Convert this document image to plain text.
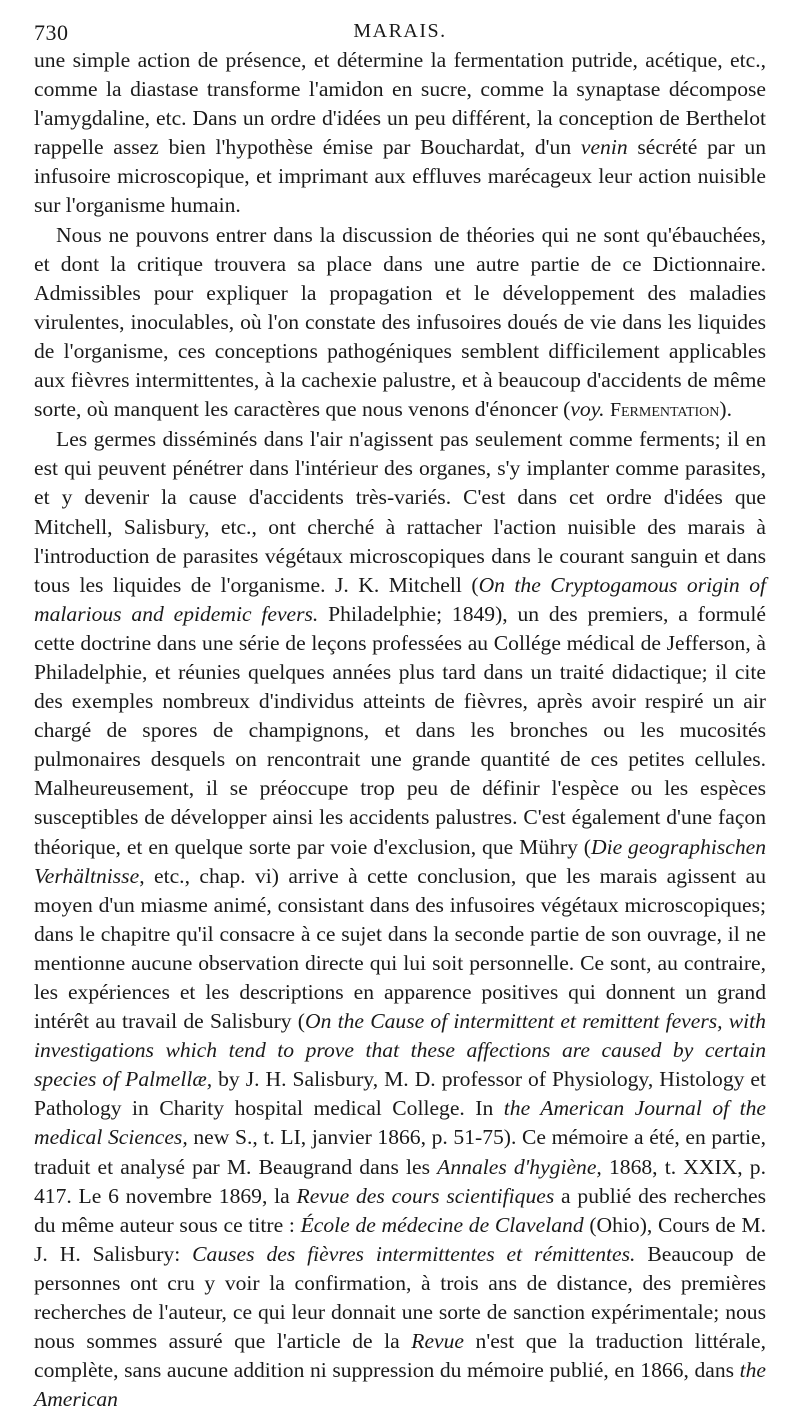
730	MARAIS.

une simple action de présence, et détermine la fermentation putride, acétique, etc., comme la diastase transforme l'amidon en sucre, comme la synaptase décompose l'amygdaline, etc. Dans un ordre d'idées un peu différent, la conception de Berthelot rappelle assez bien l'hypothèse émise par Bouchardat, d'un venin sécrété par un infusoire microscopique, et imprimant aux effluves marécageux leur action nuisible sur l'organisme humain.

Nous ne pouvons entrer dans la discussion de théories qui ne sont qu'ébauchées, et dont la critique trouvera sa place dans une autre partie de ce Dictionnaire. Admissibles pour expliquer la propagation et le développement des maladies virulentes, inoculables, où l'on constate des infusoires doués de vie dans les liquides de l'organisme, ces conceptions pathogéniques semblent difficilement applicables aux fièvres intermittentes, à la cachexie palustre, et à beaucoup d'accidents de même sorte, où manquent les caractères que nous venons d'énoncer (voy. Fermentation).

Les germes disséminés dans l'air n'agissent pas seulement comme ferments; il en est qui peuvent pénétrer dans l'intérieur des organes, s'y implanter comme parasites, et y devenir la cause d'accidents très-variés. C'est dans cet ordre d'idées que Mitchell, Salisbury, etc., ont cherché à rattacher l'action nuisible des marais à l'introduction de parasites végétaux microscopiques dans le courant sanguin et dans tous les liquides de l'organisme. J. K. Mitchell (On the Cryptogamous origin of malarious and epidemic fevers. Philadelphie; 1849), un des premiers, a formulé cette doctrine dans une série de leçons professées au Collége médical de Jefferson, à Philadelphie, et réunies quelques années plus tard dans un traité didactique; il cite des exemples nombreux d'individus atteints de fièvres, après avoir respiré un air chargé de spores de champignons, et dans les bronches ou les mucosités pulmonaires desquels on rencontrait une grande quantité de ces petites cellules. Malheureusement, il se préoccupe trop peu de définir l'espèce ou les espèces susceptibles de développer ainsi les accidents palustres. C'est également d'une façon théorique, et en quelque sorte par voie d'exclusion, que Mühry (Die geographischen Verhältnisse, etc., chap. vi) arrive à cette conclusion, que les marais agissent au moyen d'un miasme animé, consistant dans des infusoires végétaux microscopiques; dans le chapitre qu'il consacre à ce sujet dans la seconde partie de son ouvrage, il ne mentionne aucune observation directe qui lui soit personnelle. Ce sont, au contraire, les expériences et les descriptions en apparence positives qui donnent un grand intérêt au travail de Salisbury (On the Cause of intermittent et remittent fevers, with investigations which tend to prove that these affections are caused by certain species of Palmellæ, by J. H. Salisbury, M. D. professor of Physiology, Histology et Pathology in Charity hospital medical College. In the American Journal of the medical Sciences, new S., t. LI, janvier 1866, p. 51-75). Ce mémoire a été, en partie, traduit et analysé par M. Beaugrand dans les Annales d'hygiène, 1868, t. XXIX, p. 417. Le 6 novembre 1869, la Revue des cours scientifiques a publié des recherches du même auteur sous ce titre : École de médecine de Claveland (Ohio), Cours de M. J. H. Salisbury: Causes des fièvres intermittentes et rémittentes. Beaucoup de personnes ont cru y voir la confirmation, à trois ans de distance, des premières recherches de l'auteur, ce qui leur donnait une sorte de sanction expérimentale; nous nous sommes assuré que l'article de la Revue n'est que la traduction littérale, complète, sans aucune addition ni suppression du mémoire publié, en 1866, dans the American
